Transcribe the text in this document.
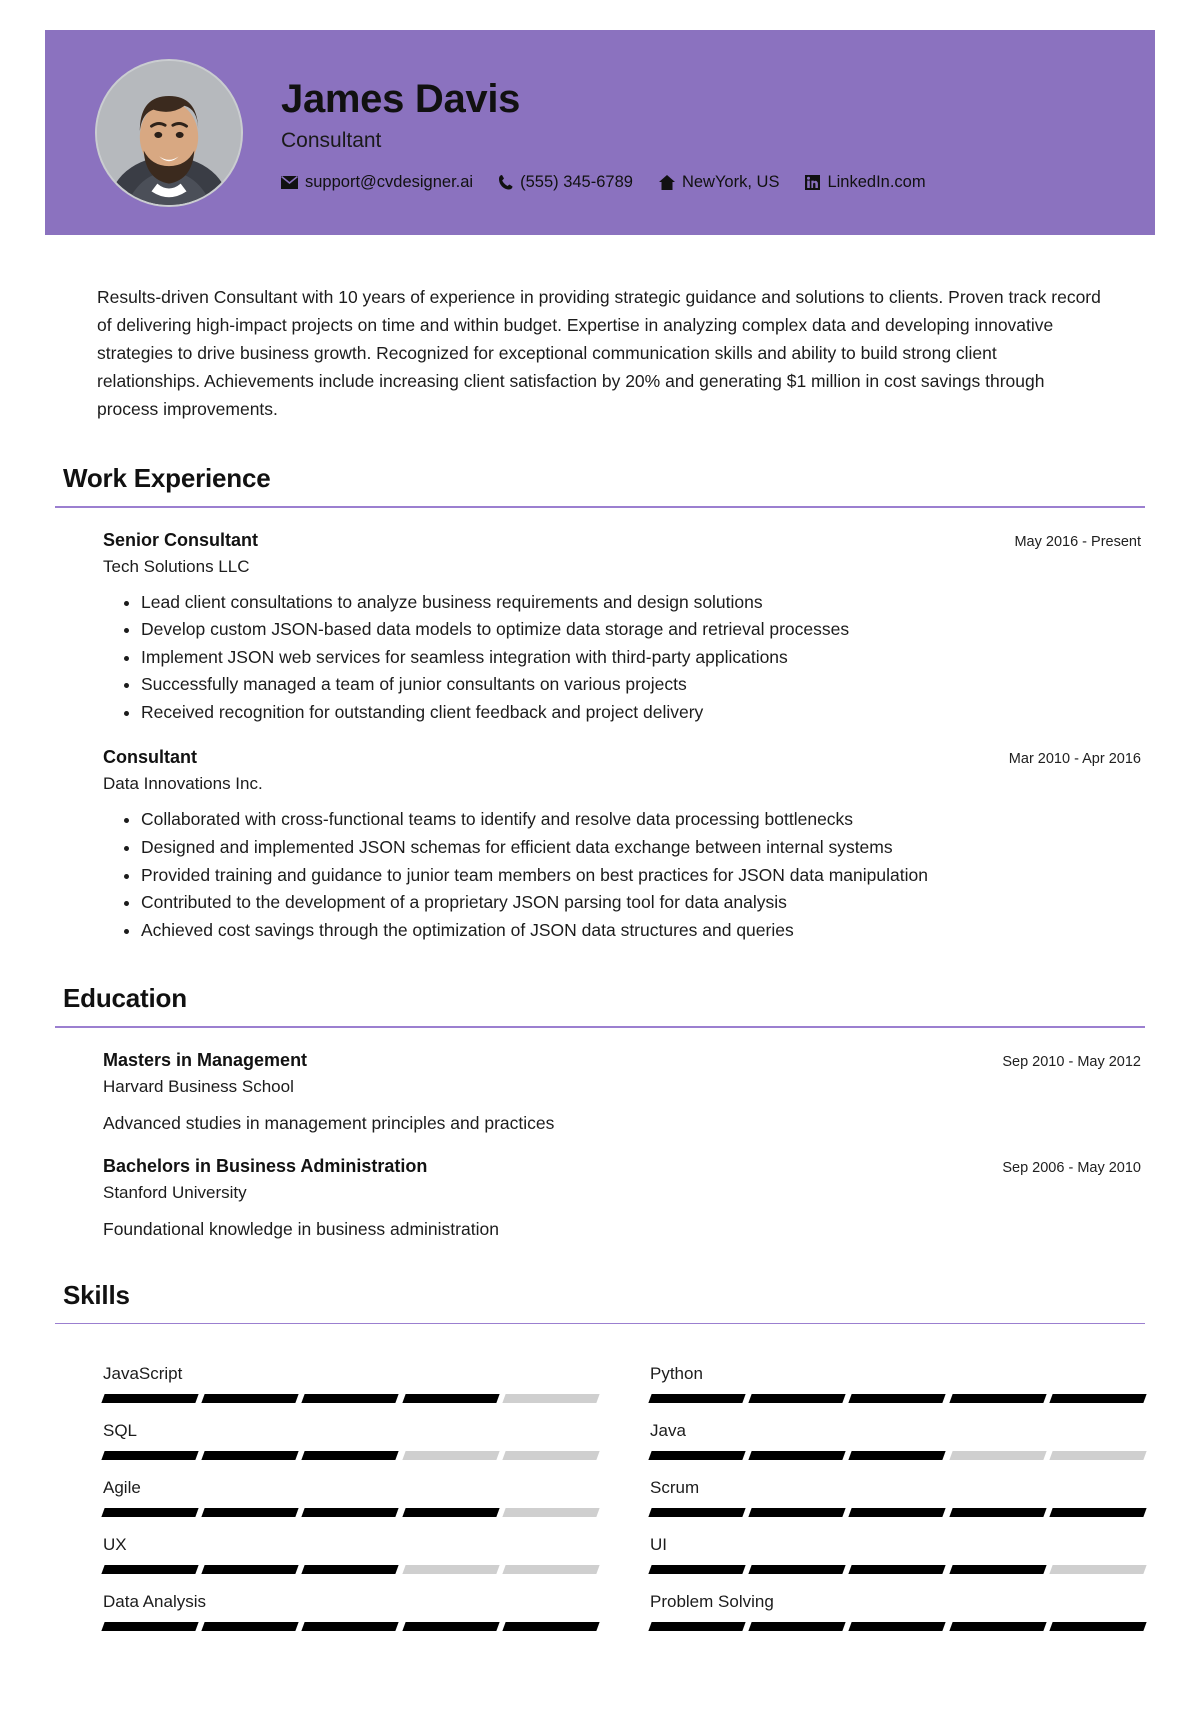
James Davis
Consultant
support@cvdesigner.ai	(555) 345-6789	NewYork, US	LinkedIn.com
Results-driven Consultant with 10 years of experience in providing strategic guidance and solutions to clients. Proven track record of delivering high-impact projects on time and within budget. Expertise in analyzing complex data and developing innovative strategies to drive business growth. Recognized for exceptional communication skills and ability to build strong client relationships. Achievements include increasing client satisfaction by 20% and generating $1 million in cost savings through process improvements.
Work Experience
Senior Consultant	May 2016 - Present
Tech Solutions LLC
• Lead client consultations to analyze business requirements and design solutions
• Develop custom JSON-based data models to optimize data storage and retrieval processes
• Implement JSON web services for seamless integration with third-party applications
• Successfully managed a team of junior consultants on various projects
• Received recognition for outstanding client feedback and project delivery
Consultant	Mar 2010 - Apr 2016
Data Innovations Inc.
• Collaborated with cross-functional teams to identify and resolve data processing bottlenecks
• Designed and implemented JSON schemas for efficient data exchange between internal systems
• Provided training and guidance to junior team members on best practices for JSON data manipulation
• Contributed to the development of a proprietary JSON parsing tool for data analysis
• Achieved cost savings through the optimization of JSON data structures and queries
Education
Masters in Management	Sep 2010 - May 2012
Harvard Business School
Advanced studies in management principles and practices
Bachelors in Business Administration	Sep 2006 - May 2010
Stanford University
Foundational knowledge in business administration
Skills
JavaScript	Python
SQL	Java
Agile	Scrum
UX	UI
Data Analysis	Problem Solving
